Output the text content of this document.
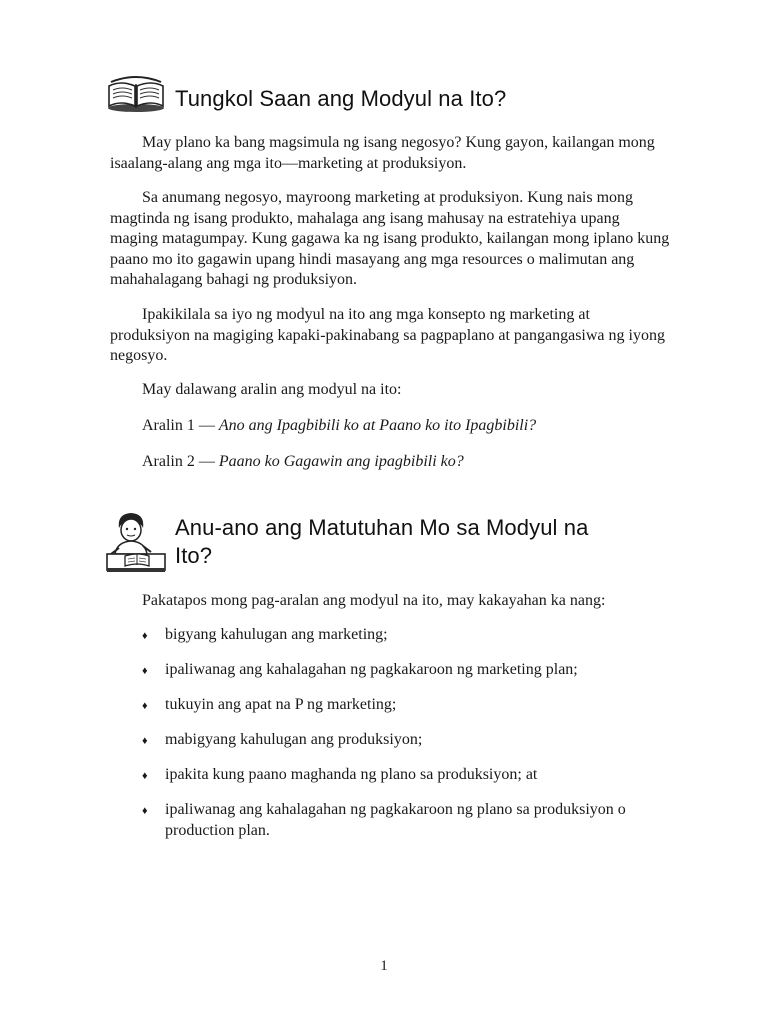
Tungkol Saan ang Modyul na Ito?

May plano ka bang magsimula ng isang negosyo? Kung gayon, kailangan mong isaalang-alang ang mga ito—marketing at produksiyon.

Sa anumang negosyo, mayroong marketing at produksiyon. Kung nais mong magtinda ng isang produkto, mahalaga ang isang mahusay na estratehiya upang maging matagumpay. Kung gagawa ka ng isang produkto, kailangan mong iplano kung paano mo ito gagawin upang hindi masayang ang mga resources o malimutan ang mahahalagang bahagi ng produksiyon.

Ipakikilala sa iyo ng modyul na ito ang mga konsepto ng marketing at produksiyon na magiging kapaki-pakinabang sa pagpaplano at pangangasiwa ng iyong negosyo.

May dalawang aralin ang modyul na ito:

Aralin 1 — Ano ang Ipagbibili ko at Paano ko ito Ipagbibili?
Aralin 2 — Paano ko Gagawin ang ipagbibili ko?
Anu-ano ang Matutuhan Mo sa Modyul na
Ito?
Pakatapos mong pag-aralan ang modyul na ito, may kakayahan ka nang:
♦ bigyang kahulugan ang marketing;
♦ ipaliwanag ang kahalagahan ng pagkakaroon ng marketing plan;
♦ tukuyin ang apat na P ng marketing;
♦ mabigyang kahulugan ang produksiyon;
♦ ipakita kung paano maghanda ng plano sa produksiyon; at
♦ ipaliwanag ang kahalagahan ng pagkakaroon ng plano sa produksiyon o production plan.
1
